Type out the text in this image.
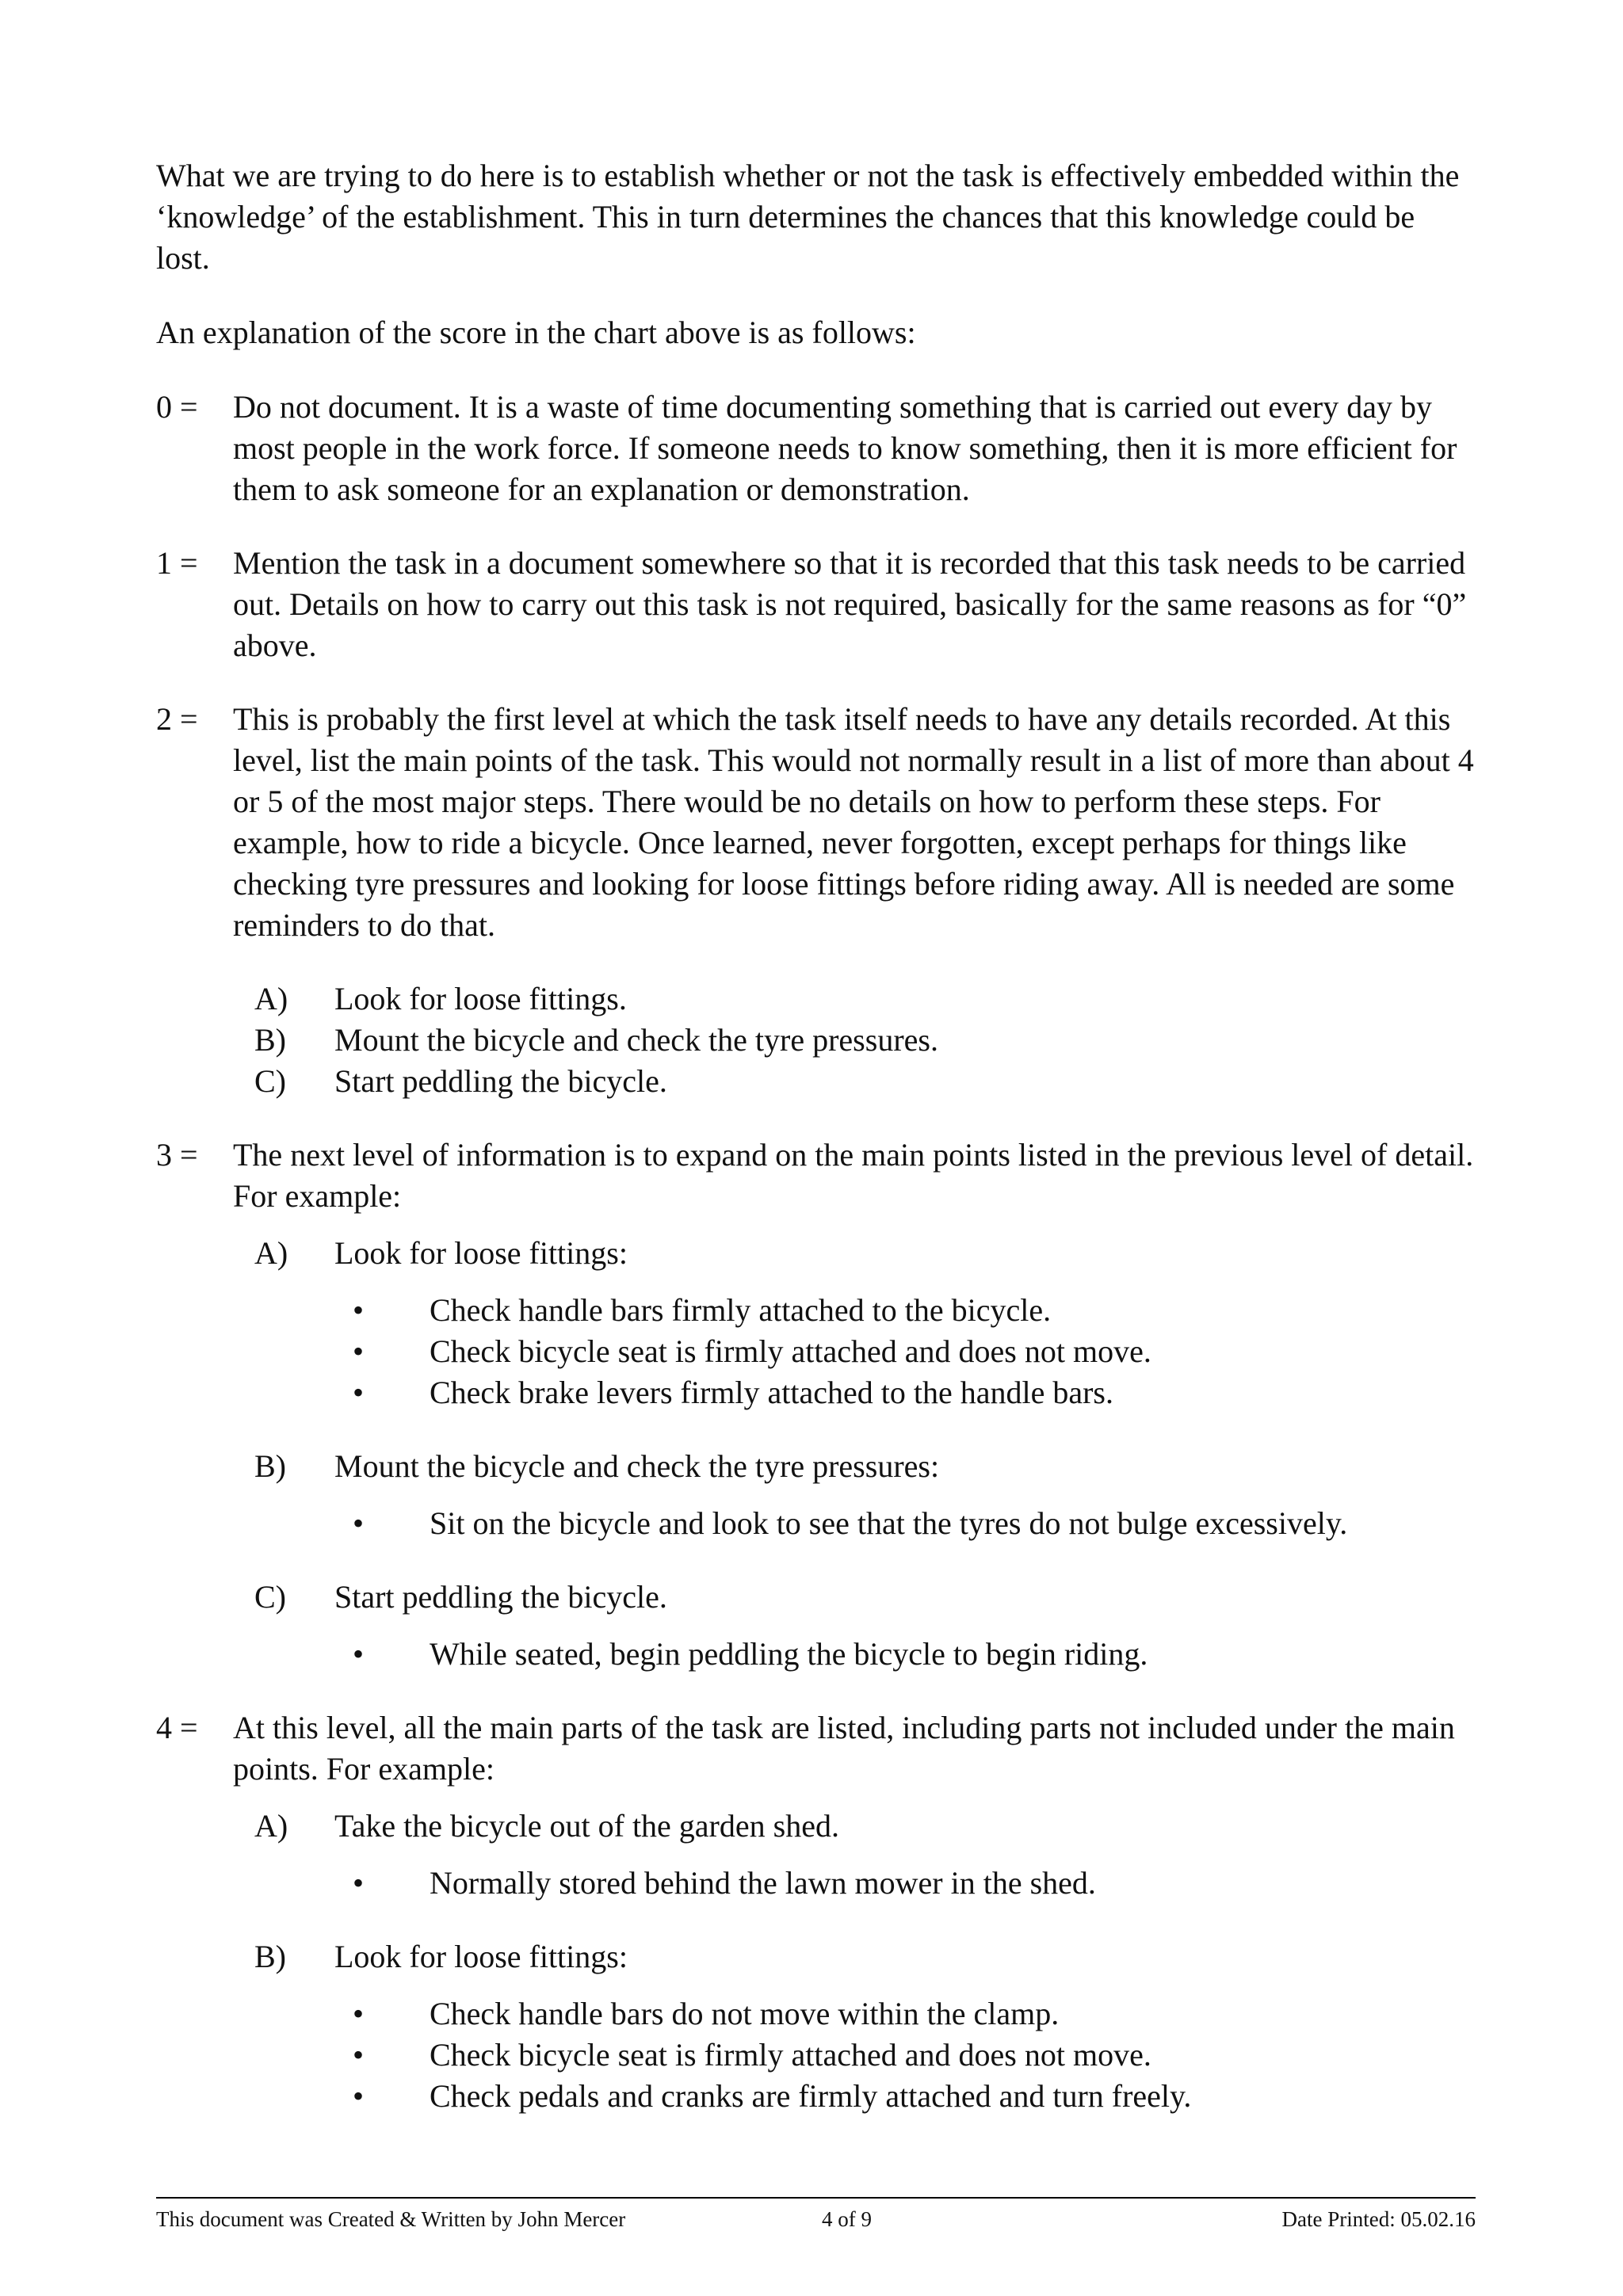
What we are trying to do here is to establish whether or not the task is effectively embedded within the ‘knowledge’ of the establishment. This in turn determines the chances that this knowledge could be lost.

An explanation of the score in the chart above is as follows:

0 = Do not document. It is a waste of time documenting something that is carried out every day by most people in the work force. If someone needs to know something, then it is more efficient for them to ask someone for an explanation or demonstration.

1 = Mention the task in a document somewhere so that it is recorded that this task needs to be carried out. Details on how to carry out this task is not required, basically for the same reasons as for “0” above.

2 = This is probably the first level at which the task itself needs to have any details recorded. At this level, list the main points of the task. This would not normally result in a list of more than about 4 or 5 of the most major steps. There would be no details on how to perform these steps. For example, how to ride a bicycle. Once learned, never forgotten, except perhaps for things like checking tyre pressures and looking for loose fittings before riding away. All is needed are some reminders to do that.

A) Look for loose fittings.
B) Mount the bicycle and check the tyre pressures.
C) Start peddling the bicycle.
3 = The next level of information is to expand on the main points listed in the previous level of detail. For example:

A) Look for loose fittings:
• Check handle bars firmly attached to the bicycle.
• Check bicycle seat is firmly attached and does not move.
• Check brake levers firmly attached to the handle bars.
B) Mount the bicycle and check the tyre pressures:
• Sit on the bicycle and look to see that the tyres do not bulge excessively.
C) Start peddling the bicycle.
• While seated, begin peddling the bicycle to begin riding.
4 = At this level, all the main parts of the task are listed, including parts not included under the main points. For example:

A) Take the bicycle out of the garden shed.
• Normally stored behind the lawn mower in the shed.
B) Look for loose fittings:
• Check handle bars do not move within the clamp.
• Check bicycle seat is firmly attached and does not move.
• Check pedals and cranks are firmly attached and turn freely.
This document was Created & Written by John Mercer	4 of 9	Date Printed: 05.02.16
